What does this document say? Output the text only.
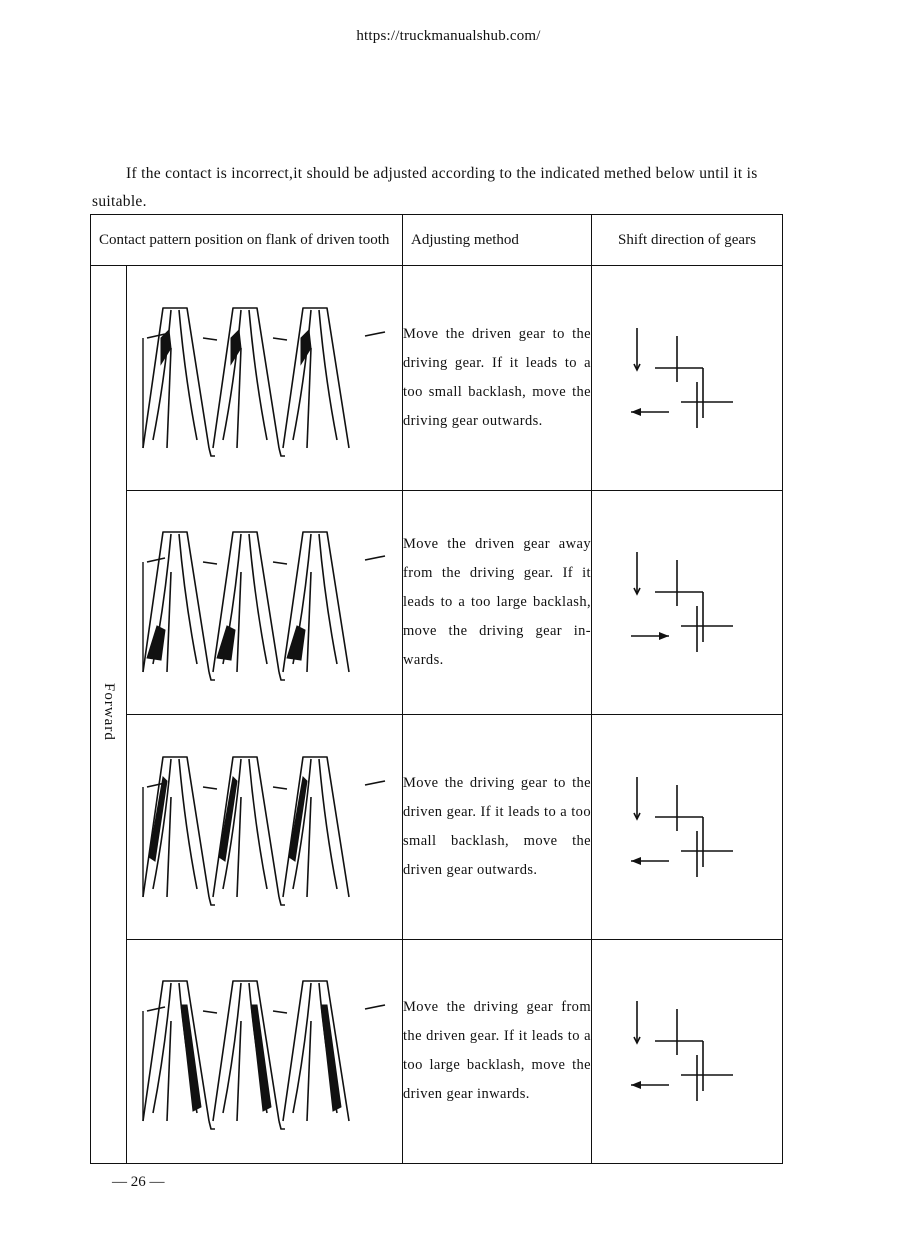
https://truckmanualshub.com/
If the contact is incorrect,it should be adjusted according to the indicated methed below until it is suitable.
Contact pattern position on flank of driven tooth		Adjusting method	Shift direction of gears
Forward		Move the driven gear to the driving gear. If it leads to a too small backlash, move the driving gear outwards.	

	Move the driven gear away from the driving gear. If it leads to a too large backlash, move the driving gear in-wards.	

	Move the driving gear to the driven gear. If it leads to a too small backlash, move the driven gear outwards.	

	Move the driving gear from the driven gear. If it leads to a too large backlash, move the driven gear inwards.	
— 26 —
